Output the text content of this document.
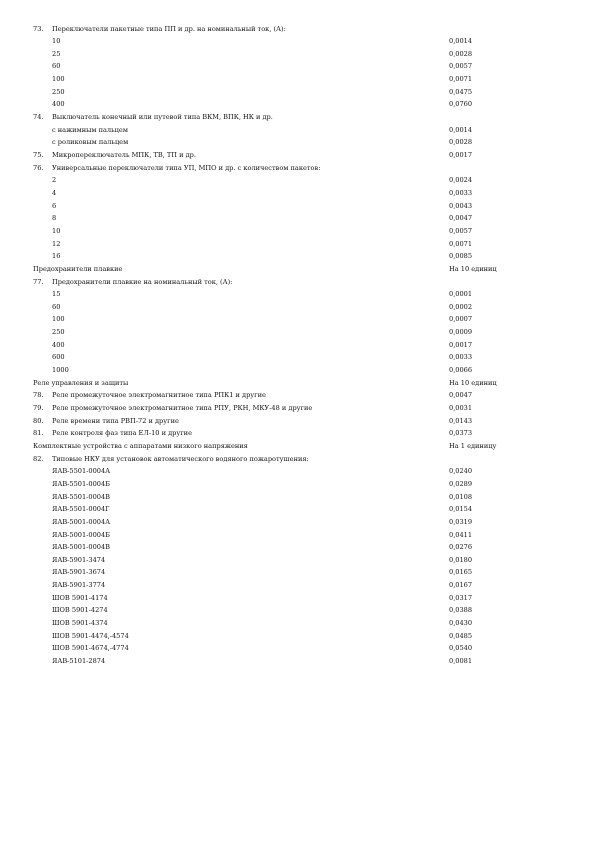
73. Переключатели пакетные типа ПП и др. на номинальный ток, (А):
10	0,0014
25	0,0028
60	0,0057
100	0,0071
250	0,0475
400	0,0760
74. Выключатель конечный или путевой типа ВКМ, ВПК, НК и др.
с нажимным пальцем	0,0014
с роликовым пальцем	0,0028
75. Микропереключатель МПК, ТВ, ТП и др.	0,0017
76. Универсальные переключатели типа УП, МПО и др. с количеством пакетов:
2	0,0024
4	0,0033
6	0,0043
8	0,0047
10	0,0057
12	0,0071
16	0,0085
Предохранители плавкие	На 10 единиц
77. Предохранители плавкие на номинальный ток, (А):
15	0,0001
60	0,0002
100	0,0007
250	0,0009
400	0,0017
600	0,0033
1000	0,0066
Реле управления и защиты	На 10 единиц
78. Реле промежуточное электромагнитное типа РПК1 и другие	0,0047
79. Реле промежуточное электромагнитное типа РПУ, РКН, МКУ-48 и другие	0,0031
80. Реле времени типа РВП-72 и другие	0,0143
81. Реле контроля фаз типа ЕЛ-10 и другие	0,0373
Комплектные устройства с аппаратами низкого напряжения	На 1 единицу
82. Типовые НКУ для установок автоматического водяного пожаротушения:
ЯАВ-5501-0004А	0,0240
ЯАВ-5501-0004Б	0,0289
ЯАВ-5501-0004В	0,0108
ЯАВ-5501-0004Г	0,0154
ЯАВ-5001-0004А	0,0319
ЯАВ-5001-0004Б	0,0411
ЯАВ-5001-0004В	0,0276
ЯАВ-5901-3474	0,0180
ЯАВ-5901-3674	0,0165
ЯАВ-5901-3774	0,0167
ШОВ 5901-4174	0,0317
ШОВ 5901-4274	0,0388
ШОВ 5901-4374	0,0430
ШОВ 5901-4474,-4574	0,0485
ШОВ 5901-4674,-4774	0,0540
ЯАВ-5101-2874	0,0081
